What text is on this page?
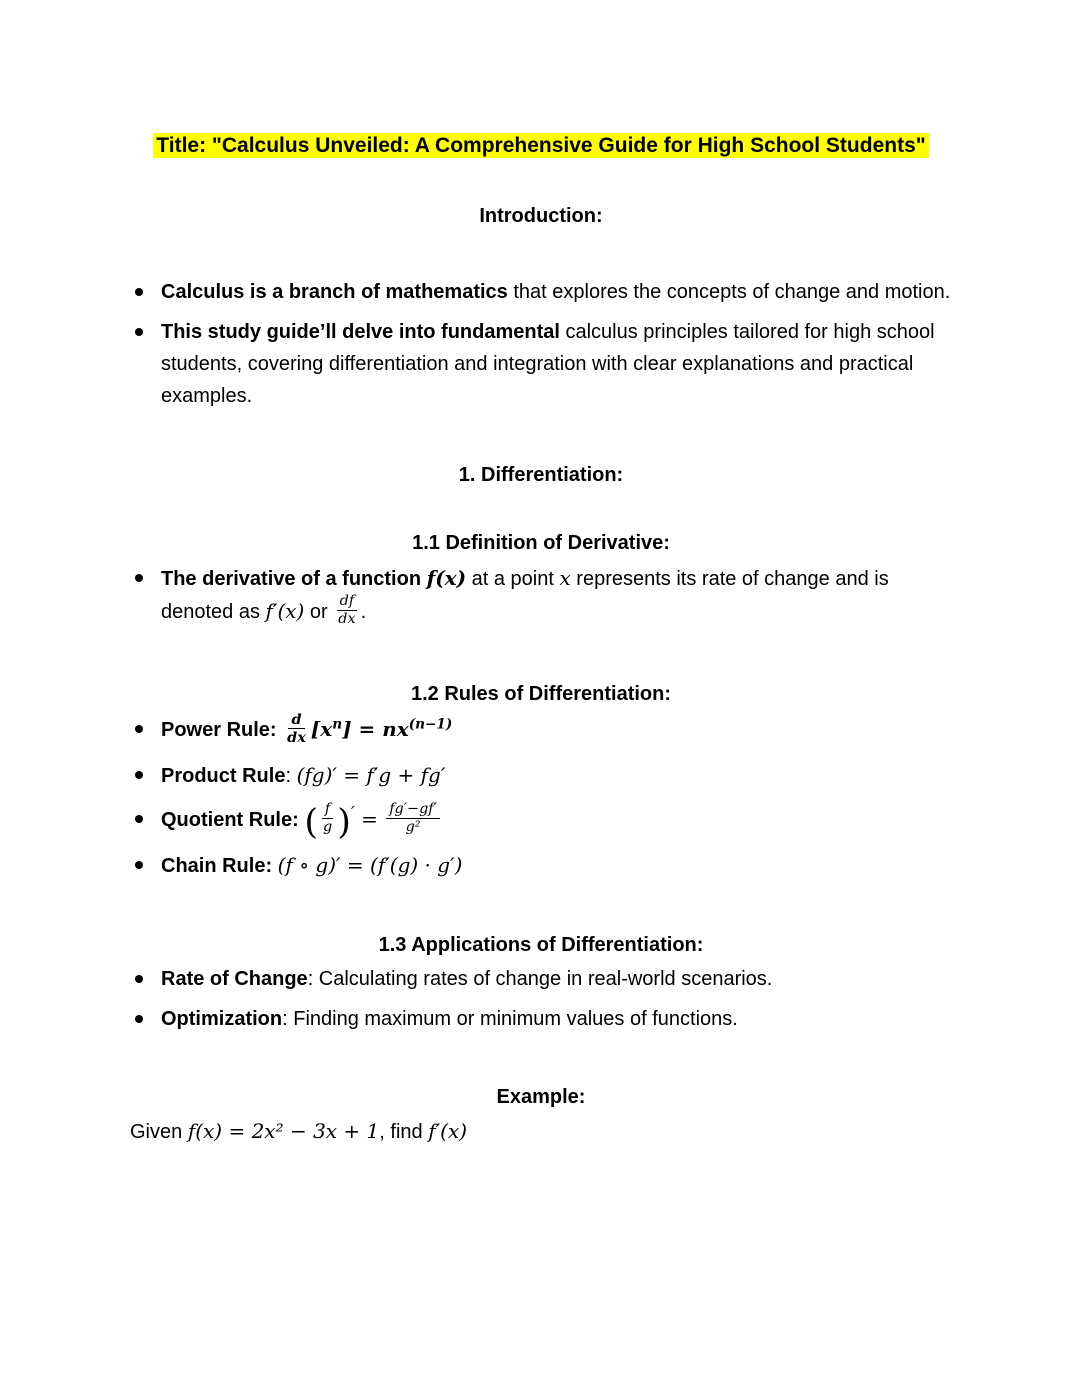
Title: "Calculus Unveiled: A Comprehensive Guide for High School Students"
Introduction:
Calculus is a branch of mathematics that explores the concepts of change and motion.
This study guide’ll delve into fundamental calculus principles tailored for high school students, covering differentiation and integration with clear explanations and practical examples.
1. Differentiation:
1.1 Definition of Derivative:
The derivative of a function f(x) at a point x represents its rate of change and is denoted as f′(x) or $\frac{df}{dx}$ .
1.2 Rules of Differentiation:
Power Rule: $\frac{d}{dx} [x^n] = nx^{(n-1)}$
Product Rule: (fg)′ = f′g + fg′
Quotient Rule: ( $\frac{f}{g} )' = \frac{fg'-gf'}{\text{g²}}$
Chain Rule: (f ∘ g)′ = (f′(g) · g′)
1.3 Applications of Differentiation:
Rate of Change: Calculating rates of change in real-world scenarios.
Optimization: Finding maximum or minimum values of functions.
Example:
Given f(x) = 2x² − 3x + 1, find f′(x)
